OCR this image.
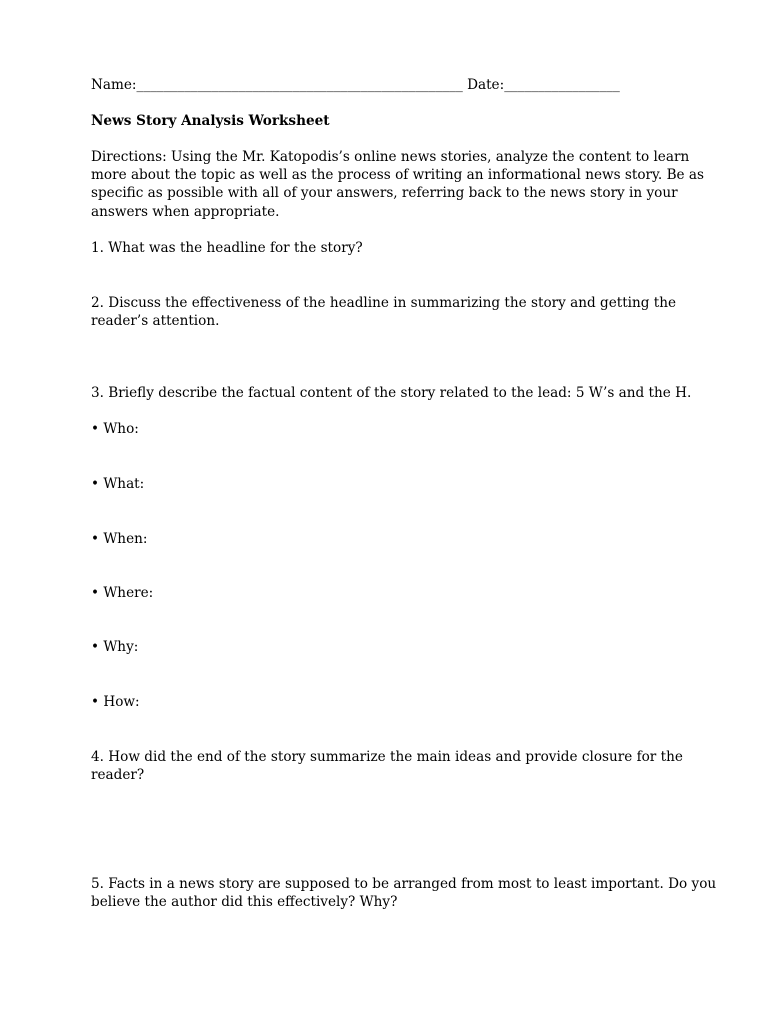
Name:________________________________________________ Date:_________________
News Story Analysis Worksheet
Directions: Using the Mr. Katopodis’s online news stories, analyze the content to learn
more about the topic as well as the process of writing an informational news story. Be as
specific as possible with all of your answers, referring back to the news story in your
answers when appropriate.
1. What was the headline for the story?
2. Discuss the effectiveness of the headline in summarizing the story and getting the
reader’s attention.
3. Briefly describe the factual content of the story related to the lead: 5 W’s and the H.
• Who:
• What:
• When:
• Where:
• Why:
• How:
4. How did the end of the story summarize the main ideas and provide closure for the
reader?
5. Facts in a news story are supposed to be arranged from most to least important. Do you
believe the author did this effectively? Why?
